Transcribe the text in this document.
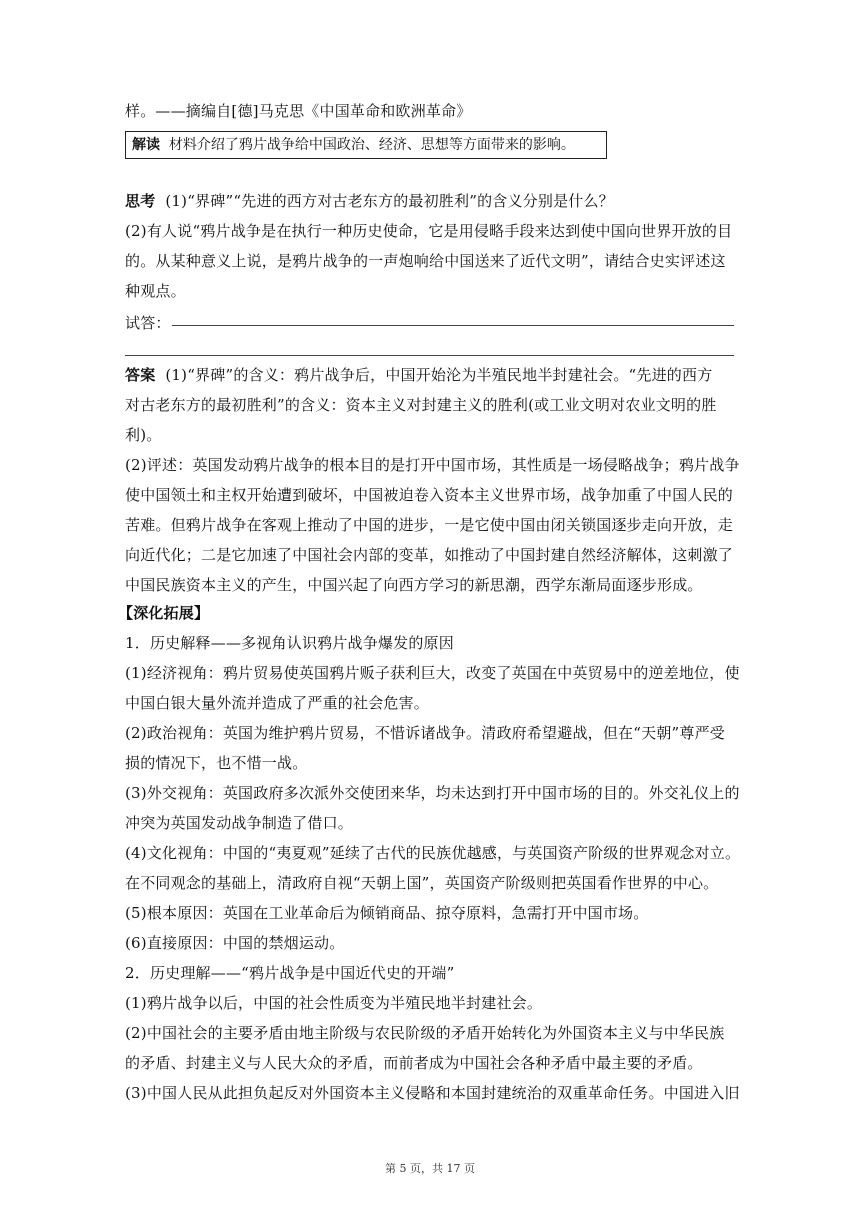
样。——摘编自[德]马克思《中国革命和欧洲革命》
解读 材料介绍了鸦片战争给中国政治、经济、思想等方面带来的影响。
思考 (1)“界碑”“先进的西方对古老东方的最初胜利”的含义分别是什么？
(2)有人说“鸦片战争是在执行一种历史使命，它是用侵略手段来达到使中国向世界开放的目
的。从某种意义上说，是鸦片战争的一声炮响给中国送来了近代文明”，请结合史实评述这
种观点。
试答：
答案 (1)“界碑”的含义：鸦片战争后，中国开始沦为半殖民地半封建社会。“先进的西方
对古老东方的最初胜利”的含义：资本主义对封建主义的胜利(或工业文明对农业文明的胜
利)。
(2)评述：英国发动鸦片战争的根本目的是打开中国市场，其性质是一场侵略战争；鸦片战争
使中国领土和主权开始遭到破坏，中国被迫卷入资本主义世界市场，战争加重了中国人民的
苦难。但鸦片战争在客观上推动了中国的进步，一是它使中国由闭关锁国逐步走向开放，走
向近代化；二是它加速了中国社会内部的变革，如推动了中国封建自然经济解体，这刺激了
中国民族资本主义的产生，中国兴起了向西方学习的新思潮，西学东渐局面逐步形成。
【深化拓展】
1．历史解释——多视角认识鸦片战争爆发的原因
(1)经济视角：鸦片贸易使英国鸦片贩子获利巨大，改变了英国在中英贸易中的逆差地位，使
中国白银大量外流并造成了严重的社会危害。
(2)政治视角：英国为维护鸦片贸易，不惜诉诸战争。清政府希望避战，但在“天朝”尊严受
损的情况下，也不惜一战。
(3)外交视角：英国政府多次派外交使团来华，均未达到打开中国市场的目的。外交礼仪上的
冲突为英国发动战争制造了借口。
(4)文化视角：中国的“夷夏观”延续了古代的民族优越感，与英国资产阶级的世界观念对立。
在不同观念的基础上，清政府自视“天朝上国”，英国资产阶级则把英国看作世界的中心。
(5)根本原因：英国在工业革命后为倾销商品、掠夺原料，急需打开中国市场。
(6)直接原因：中国的禁烟运动。
2．历史理解——“鸦片战争是中国近代史的开端”
(1)鸦片战争以后，中国的社会性质变为半殖民地半封建社会。
(2)中国社会的主要矛盾由地主阶级与农民阶级的矛盾开始转化为外国资本主义与中华民族
的矛盾、封建主义与人民大众的矛盾，而前者成为中国社会各种矛盾中最主要的矛盾。
(3)中国人民从此担负起反对外国资本主义侵略和本国封建统治的双重革命任务。中国进入旧
第 5 页，共 17 页
